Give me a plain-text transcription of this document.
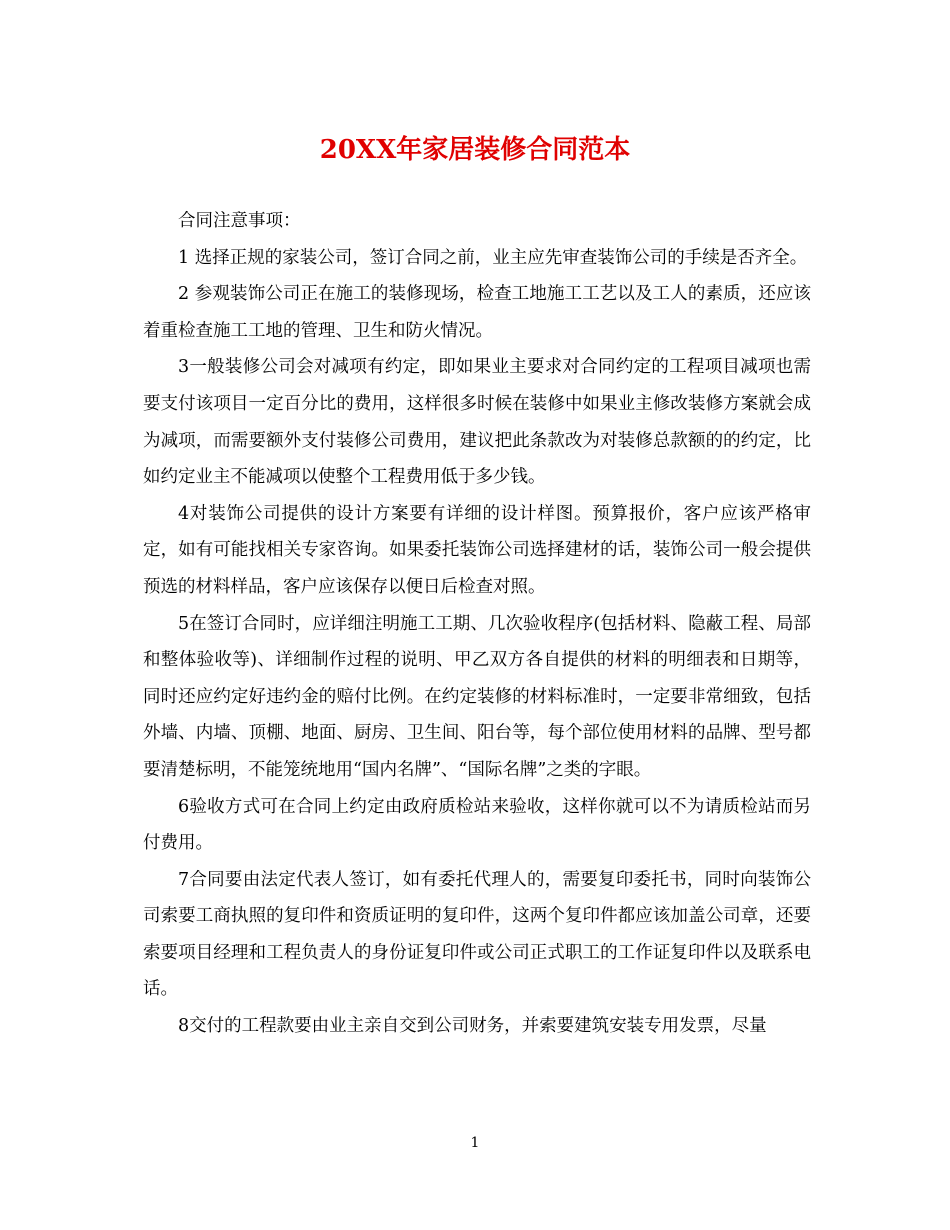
20XX年家居装修合同范本

合同注意事项：

1 选择正规的家装公司，签订合同之前，业主应先审查装饰公司的手续是否齐全。

2 参观装饰公司正在施工的装修现场，检查工地施工工艺以及工人的素质，还应该着重检查施工工地的管理、卫生和防火情况。

3一般装修公司会对减项有约定，即如果业主要求对合同约定的工程项目减项也需要支付该项目一定百分比的费用，这样很多时候在装修中如果业主修改装修方案就会成为减项，而需要额外支付装修公司费用，建议把此条款改为对装修总款额的的约定，比如约定业主不能减项以使整个工程费用低于多少钱。

4对装饰公司提供的设计方案要有详细的设计样图。预算报价，客户应该严格审定，如有可能找相关专家咨询。如果委托装饰公司选择建材的话，装饰公司一般会提供预选的材料样品，客户应该保存以便日后检查对照。

5在签订合同时，应详细注明施工工期、几次验收程序(包括材料、隐蔽工程、局部和整体验收等)、详细制作过程的说明、甲乙双方各自提供的材料的明细表和日期等，同时还应约定好违约金的赔付比例。在约定装修的材料标准时，一定要非常细致，包括外墙、内墙、顶棚、地面、厨房、卫生间、阳台等，每个部位使用材料的品牌、型号都要清楚标明，不能笼统地用“国内名牌”、“国际名牌”之类的字眼。

6验收方式可在合同上约定由政府质检站来验收，这样你就可以不为请质检站而另付费用。

7合同要由法定代表人签订，如有委托代理人的，需要复印委托书，同时向装饰公司索要工商执照的复印件和资质证明的复印件，这两个复印件都应该加盖公司章，还要索要项目经理和工程负责人的身份证复印件或公司正式职工的工作证复印件以及联系电话。

8交付的工程款要由业主亲自交到公司财务，并索要建筑安装专用发票，尽量

1
